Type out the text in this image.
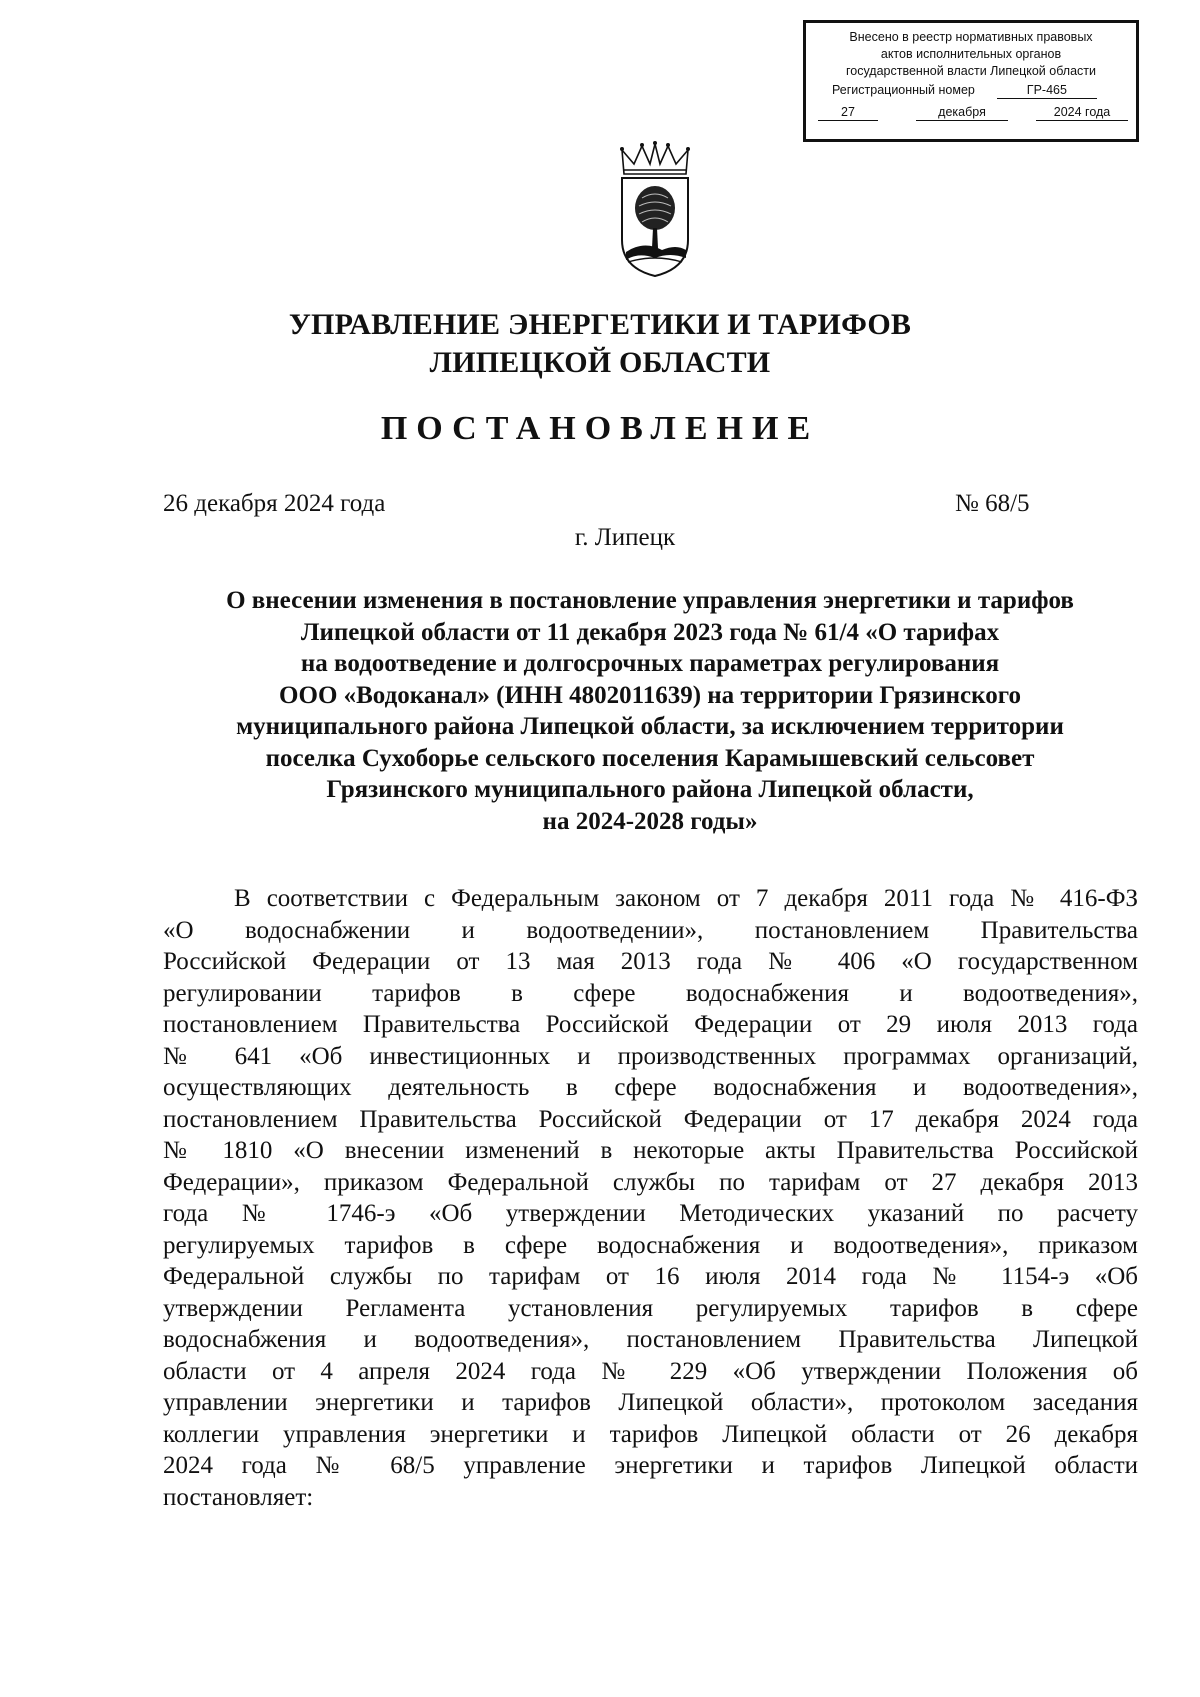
Внесено в реестр нормативных правовых
актов исполнительных органов
государственной власти Липецкой области
Регистрационный номер	ГР-465
27	декабря	2024 года
УПРАВЛЕНИЕ ЭНЕРГЕТИКИ И ТАРИФОВ
ЛИПЕЦКОЙ ОБЛАСТИ
ПОСТАНОВЛЕНИЕ
26 декабря 2024 года	№ 68/5
г. Липецк
О внесении изменения в постановление управления энергетики и тарифов
Липецкой области от 11 декабря 2023 года № 61/4 «О тарифах
на водоотведение и долгосрочных параметрах регулирования
ООО «Водоканал» (ИНН 4802011639) на территории Грязинского
муниципального района Липецкой области, за исключением территории
поселка Сухоборье сельского поселения Карамышевский сельсовет
Грязинского муниципального района Липецкой области,
на 2024-2028 годы»
В соответствии с Федеральным законом от 7 декабря 2011 года № 416-ФЗ
«О водоснабжении и водоотведении», постановлением Правительства
Российской Федерации от 13 мая 2013 года № 406 «О государственном
регулировании тарифов в сфере водоснабжения и водоотведения»,
постановлением Правительства Российской Федерации от 29 июля 2013 года
№ 641 «Об инвестиционных и производственных программах организаций,
осуществляющих деятельность в сфере водоснабжения и водоотведения»,
постановлением Правительства Российской Федерации от 17 декабря 2024 года
№ 1810 «О внесении изменений в некоторые акты Правительства Российской
Федерации», приказом Федеральной службы по тарифам от 27 декабря 2013
года № 1746-э «Об утверждении Методических указаний по расчету
регулируемых тарифов в сфере водоснабжения и водоотведения», приказом
Федеральной службы по тарифам от 16 июля 2014 года № 1154-э «Об
утверждении Регламента установления регулируемых тарифов в сфере
водоснабжения и водоотведения», постановлением Правительства Липецкой
области от 4 апреля 2024 года № 229 «Об утверждении Положения об
управлении энергетики и тарифов Липецкой области», протоколом заседания
коллегии управления энергетики и тарифов Липецкой области от 26 декабря
2024 года № 68/5 управление энергетики и тарифов Липецкой области
постановляет:
